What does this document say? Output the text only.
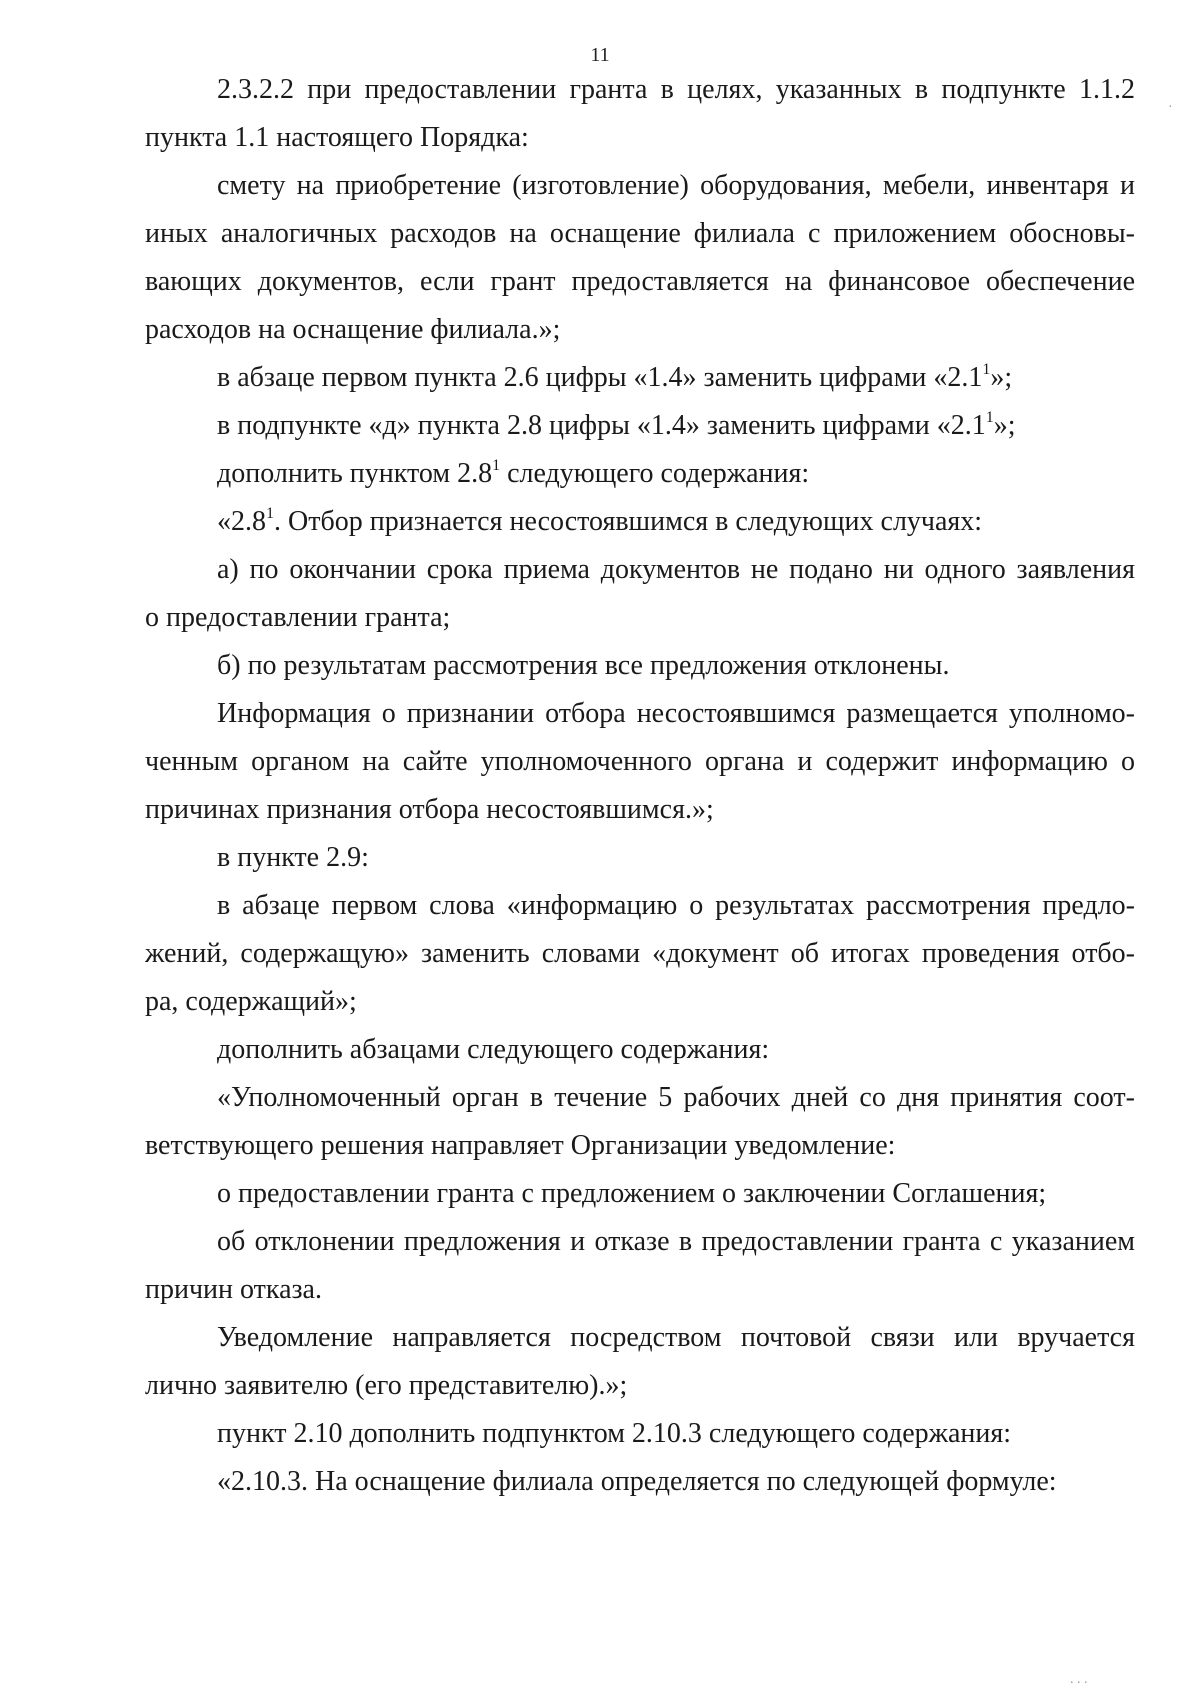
11
2.3.2.2 при предоставлении гранта в целях, указанных в подпункте 1.1.2
пункта 1.1 настоящего Порядка:
смету на приобретение (изготовление) оборудования, мебели, инвентаря и
иных аналогичных расходов на оснащение филиала с приложением обосновы-
вающих документов, если грант предоставляется на финансовое обеспечение
расходов на оснащение филиала.»;
в абзаце первом пункта 2.6 цифры «1.4» заменить цифрами «$2.1^1$»;
в подпункте «д» пункта 2.8 цифры «1.4» заменить цифрами «$2.1^1$»;
дополнить пунктом $2.8^1$ следующего содержания:
«$2.8^1$. Отбор признается несостоявшимся в следующих случаях:
а) по окончании срока приема документов не подано ни одного заявления
о предоставлении гранта;
б) по результатам рассмотрения все предложения отклонены.
Информация о признании отбора несостоявшимся размещается уполномо-
ченным органом на сайте уполномоченного органа и содержит информацию о
причинах признания отбора несостоявшимся.»;
в пункте 2.9:
в абзаце первом слова «информацию о результатах рассмотрения предло-
жений, содержащую» заменить словами «документ об итогах проведения отбо-
ра, содержащий»;
дополнить абзацами следующего содержания:
«Уполномоченный орган в течение 5 рабочих дней со дня принятия соот-
ветствующего решения направляет Организации уведомление:
о предоставлении гранта с предложением о заключении Соглашения;
об отклонении предложения и отказе в предоставлении гранта с указанием
причин отказа.
Уведомление направляется посредством почтовой связи или вручается
лично заявителю (его представителю).»;
пункт 2.10 дополнить подпунктом 2.10.3 следующего содержания:
«2.10.3. На оснащение филиала определяется по следующей формуле:
·
. . .
